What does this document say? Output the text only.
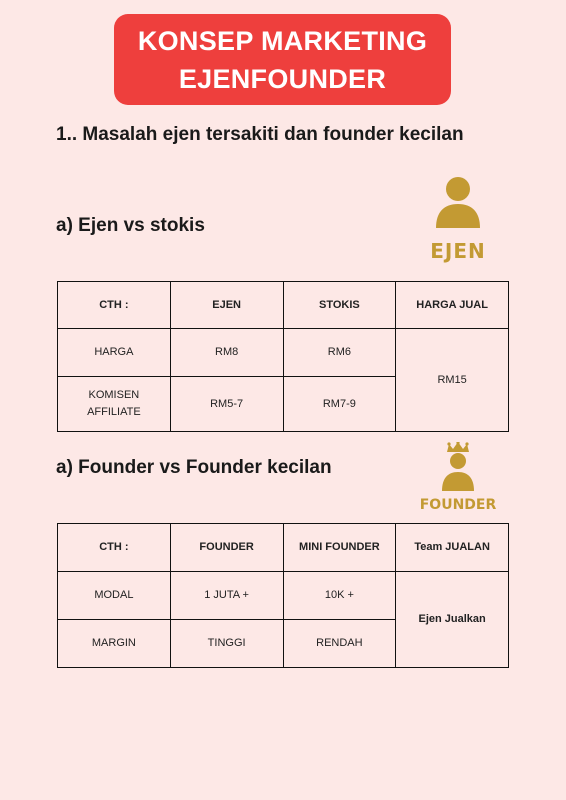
KONSEP MARKETING
EJENFOUNDER
1.. Masalah ejen tersakiti dan founder kecilan
a) Ejen vs stokis
EJEN
CTH :	EJEN	STOKIS	HARGA JUAL
HARGA	RM8	RM6	RM15
KOMISEN AFFILIATE	RM5-7	RM7-9	
a) Founder vs Founder kecilan
FOUNDER
CTH :	FOUNDER	MINI FOUNDER	Team JUALAN
MODAL	1 JUTA +	10K +	Ejen Jualkan
MARGIN	TINGGI	RENDAH	
